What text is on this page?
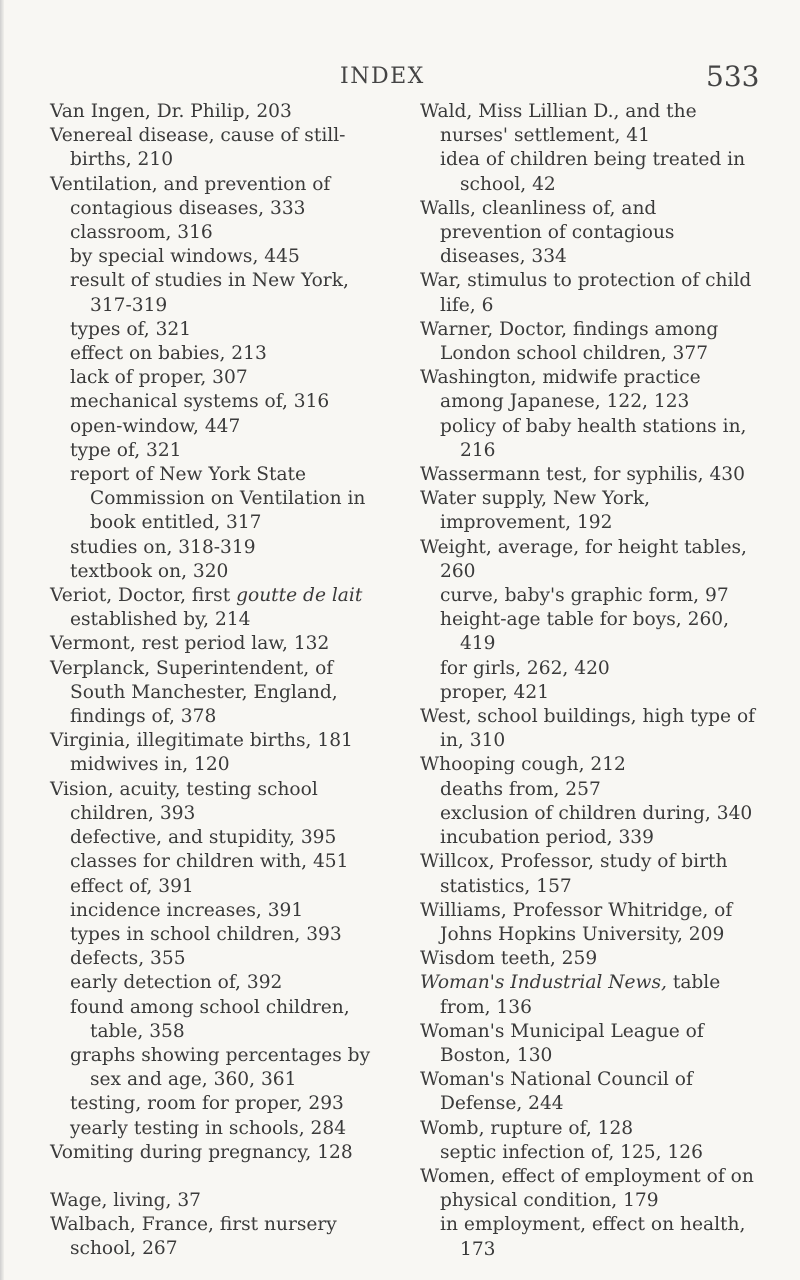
INDEX	533

Van Ingen, Dr. Philip, 203

Venereal disease, cause of still-births, 210

Ventilation, and prevention of contagious diseases, 333

classroom, 316

by special windows, 445

result of studies in New York, 317-319

types of, 321

effect on babies, 213

lack of proper, 307

mechanical systems of, 316

open-window, 447

type of, 321

report of New York State Commission on Ventilation in book entitled, 317

studies on, 318-319

textbook on, 320

Veriot, Doctor, first goutte de lait established by, 214

Vermont, rest period law, 132

Verplanck, Superintendent, of South Manchester, England, findings of, 378

Virginia, illegitimate births, 181

midwives in, 120

Vision, acuity, testing school children, 393

defective, and stupidity, 395

classes for children with, 451

effect of, 391

incidence increases, 391

types in school children, 393

defects, 355

early detection of, 392

found among school children, table, 358

graphs showing percentages by sex and age, 360, 361

testing, room for proper, 293

yearly testing in schools, 284

Vomiting during pregnancy, 128

Wage, living, 37

Walbach, France, first nursery school, 267

Wald, Miss Lillian D., and the nurses' settlement, 41

idea of children being treated in school, 42

Walls, cleanliness of, and prevention of contagious diseases, 334

War, stimulus to protection of child life, 6

Warner, Doctor, findings among London school children, 377

Washington, midwife practice among Japanese, 122, 123

policy of baby health stations in, 216

Wassermann test, for syphilis, 430

Water supply, New York, improvement, 192

Weight, average, for height tables, 260

curve, baby's graphic form, 97

height-age table for boys, 260, 419

for girls, 262, 420

proper, 421

West, school buildings, high type of in, 310

Whooping cough, 212

deaths from, 257

exclusion of children during, 340

incubation period, 339

Willcox, Professor, study of birth statistics, 157

Williams, Professor Whitridge, of Johns Hopkins University, 209

Wisdom teeth, 259

Woman's Industrial News, table from, 136

Woman's Municipal League of Boston, 130

Woman's National Council of Defense, 244

Womb, rupture of, 128

septic infection of, 125, 126

Women, effect of employment of on physical condition, 179

in employment, effect on health, 173
